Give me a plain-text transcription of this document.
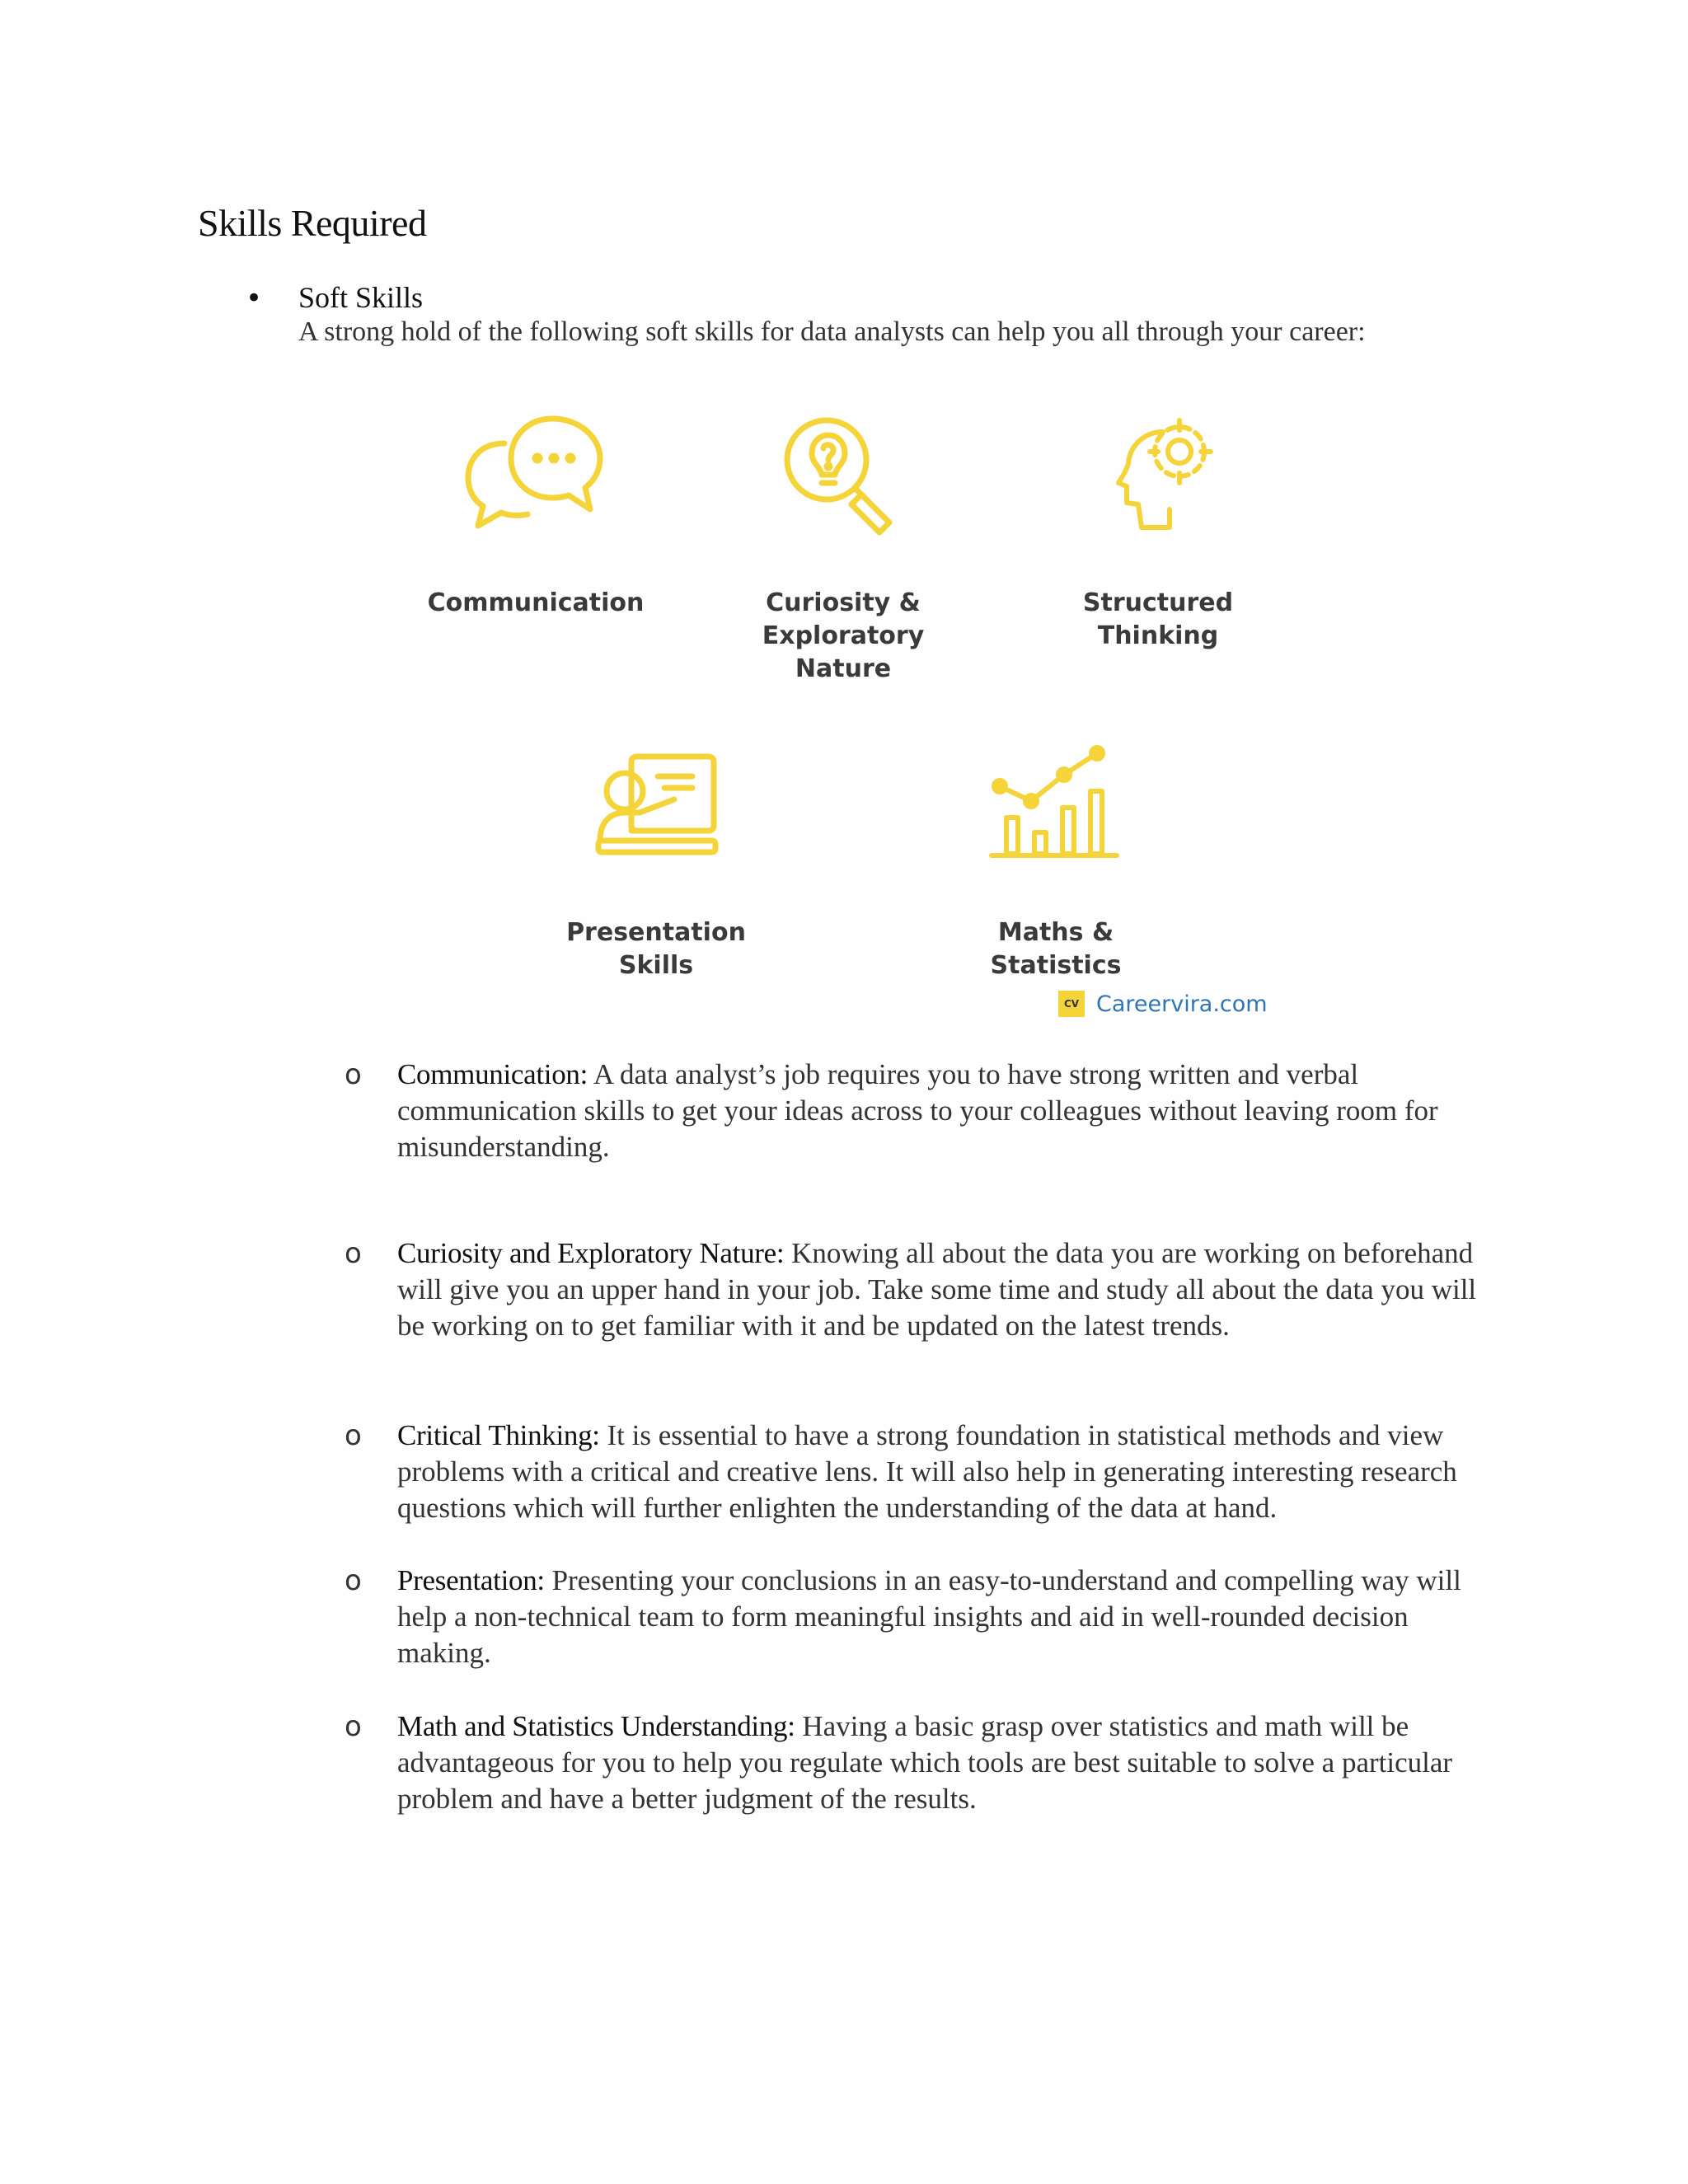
Skills Required
• Soft Skills
A strong hold of the following soft skills for data analysts can help you all through your career:
Communication	Curiosity &
Exploratory Nature
Structured
Thinking
Presentation Skills
Maths & Statistics
CV Careervira.com
o Communication: A data analyst’s job requires you to have strong written and verbal communication skills to get your ideas across to your colleagues without leaving room for misunderstanding.
o Curiosity and Exploratory Nature: Knowing all about the data you are working on beforehand will give you an upper hand in your job. Take some time and study all about the data you will be working on to get familiar with it and be updated on the latest trends.
o Critical Thinking: It is essential to have a strong foundation in statistical methods and view problems with a critical and creative lens. It will also help in generating interesting research questions which will further enlighten the understanding of the data at hand.
o Presentation: Presenting your conclusions in an easy-to-understand and compelling way will help a non-technical team to form meaningful insights and aid in well-rounded decision making.
o Math and Statistics Understanding: Having a basic grasp over statistics and math will be advantageous for you to help you regulate which tools are best suitable to solve a particular problem and have a better judgment of the results.
